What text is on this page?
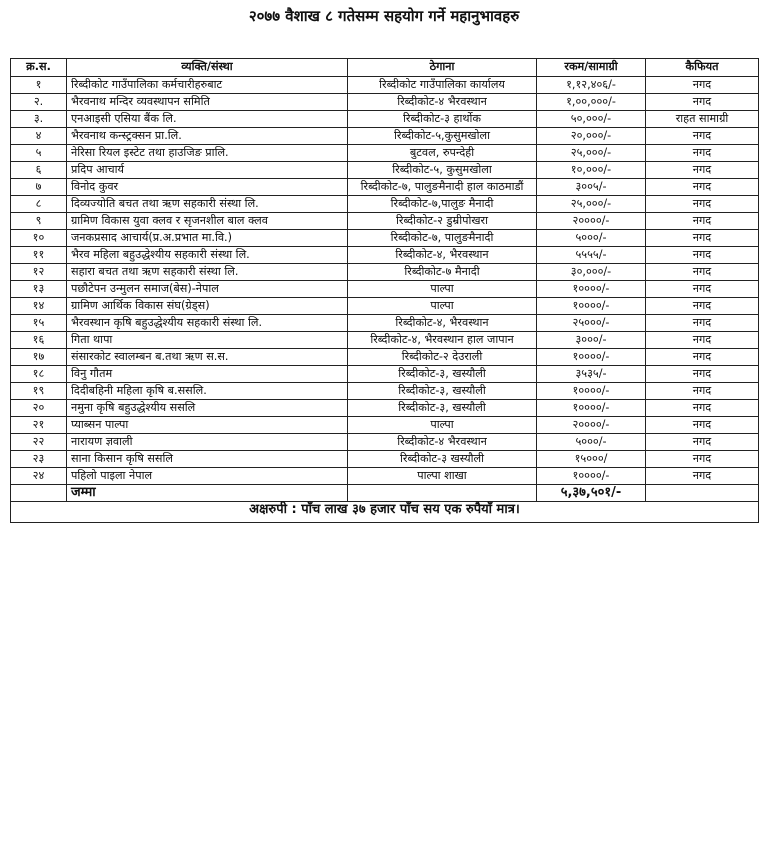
२०७७ वैशाख ८ गतेसम्म सहयोग गर्ने महानुभावहरु
क्र.स.	व्यक्ति/संस्था	ठेगाना	रकम/सामाग्री	कैफियत
१	रिब्दीकोट गाउँपालिका कर्मचारीहरुबाट	रिब्दीकोट गाउँपालिका कार्यालय	१,१२,४०६/-	नगद
२.	भैरवनाथ मन्दिर व्यवस्थापन समिति	रिब्दीकोट-४ भैरवस्थान	१,००,०००/-	नगद
३.	एनआइसी एसिया बैंक लि.	रिब्दीकोट-३ हार्थोक	५०,०००/-	राहत सामाग्री
४	भैरवनाथ कन्स्ट्रक्सन प्रा.लि.	रिब्दीकोट-५,कुसुमखोला	२०,०००/-	नगद
५	नेरिसा रियल इस्टेट तथा हाउजिङ प्रालि.	बुटवल, रुपन्देही	२५,०००/-	नगद
६	प्रदिप आचार्य	रिब्दीकोट-५, कुसुमखोला	१०,०००/-	नगद
७	विनोद कुवर	रिब्दीकोट-७, पालुङमैनादी हाल काठमाडौं	३००५/-	नगद
८	दिव्यज्योति बचत तथा ऋण सहकारी संस्था लि.	रिब्दीकोट-७,पालुङ मैनादी	२५,०००/-	नगद
९	ग्रामिण विकास युवा क्लव र सृजनशील बाल क्लव	रिब्दीकोट-२ डुम्रीपोखरा	२००००/-	नगद
१०	जनकप्रसाद आचार्य(प्र.अ.प्रभात मा.वि.)	रिब्दीकोट-७, पालुङमैनादी	५०००/-	नगद
११	भैरव महिला बहुउद्धेश्यीय सहकारी संस्था लि.	रिब्दीकोट-४, भैरवस्थान	५५५५/-	नगद
१२	सहारा बचत तथा ऋण सहकारी संस्था लि.	रिब्दीकोट-७ मैनादी	३०,०००/-	नगद
१३	पछौटेपन उन्मुलन समाज(बेस)-नेपाल	पाल्पा	१००००/-	नगद
१४	ग्रामिण आर्थिक विकास संघ(ग्रेड्स)	पाल्पा	१००००/-	नगद
१५	भैरवस्थान कृषि बहुउद्धेश्यीय सहकारी संस्था लि.	रिब्दीकोट-४, भैरवस्थान	२५०००/-	नगद
१६	गिता थापा	रिब्दीकोट-४, भैरवस्थान हाल जापान	३०००/-	नगद
१७	संसारकोट स्वालम्बन ब.तथा ऋण स.स.	रिब्दीकोट-२ देउराली	१००००/-	नगद
१८	विनु गौतम	रिब्दीकोट-३, खस्यौली	३५३५/-	नगद
१९	दिदीबहिनी महिला कृषि ब.ससलि.	रिब्दीकोट-३, खस्यौली	१००००/-	नगद
२०	नमुना कृषि बहुउद्धेश्यीय ससलि	रिब्दीकोट-३, खस्यौली	१००००/-	नगद
२१	प्याब्सन पाल्पा	पाल्पा	२००००/-	नगद
२२	नारायण ज्ञवाली	रिब्दीकोट-४ भैरवस्थान	५०००/-	नगद
२३	साना किसान कृषि ससलि	रिब्दीकोट-३ खस्यौली	१५०००/	नगद
२४	पहिलो पाइला नेपाल	पाल्पा शाखा	१००००/-	नगद
	जम्मा		५,३७,५०१/-	
अक्षरुपी : पाँच लाख ३७ हजार पाँच सय एक रुपैयाँ मात्र।				
